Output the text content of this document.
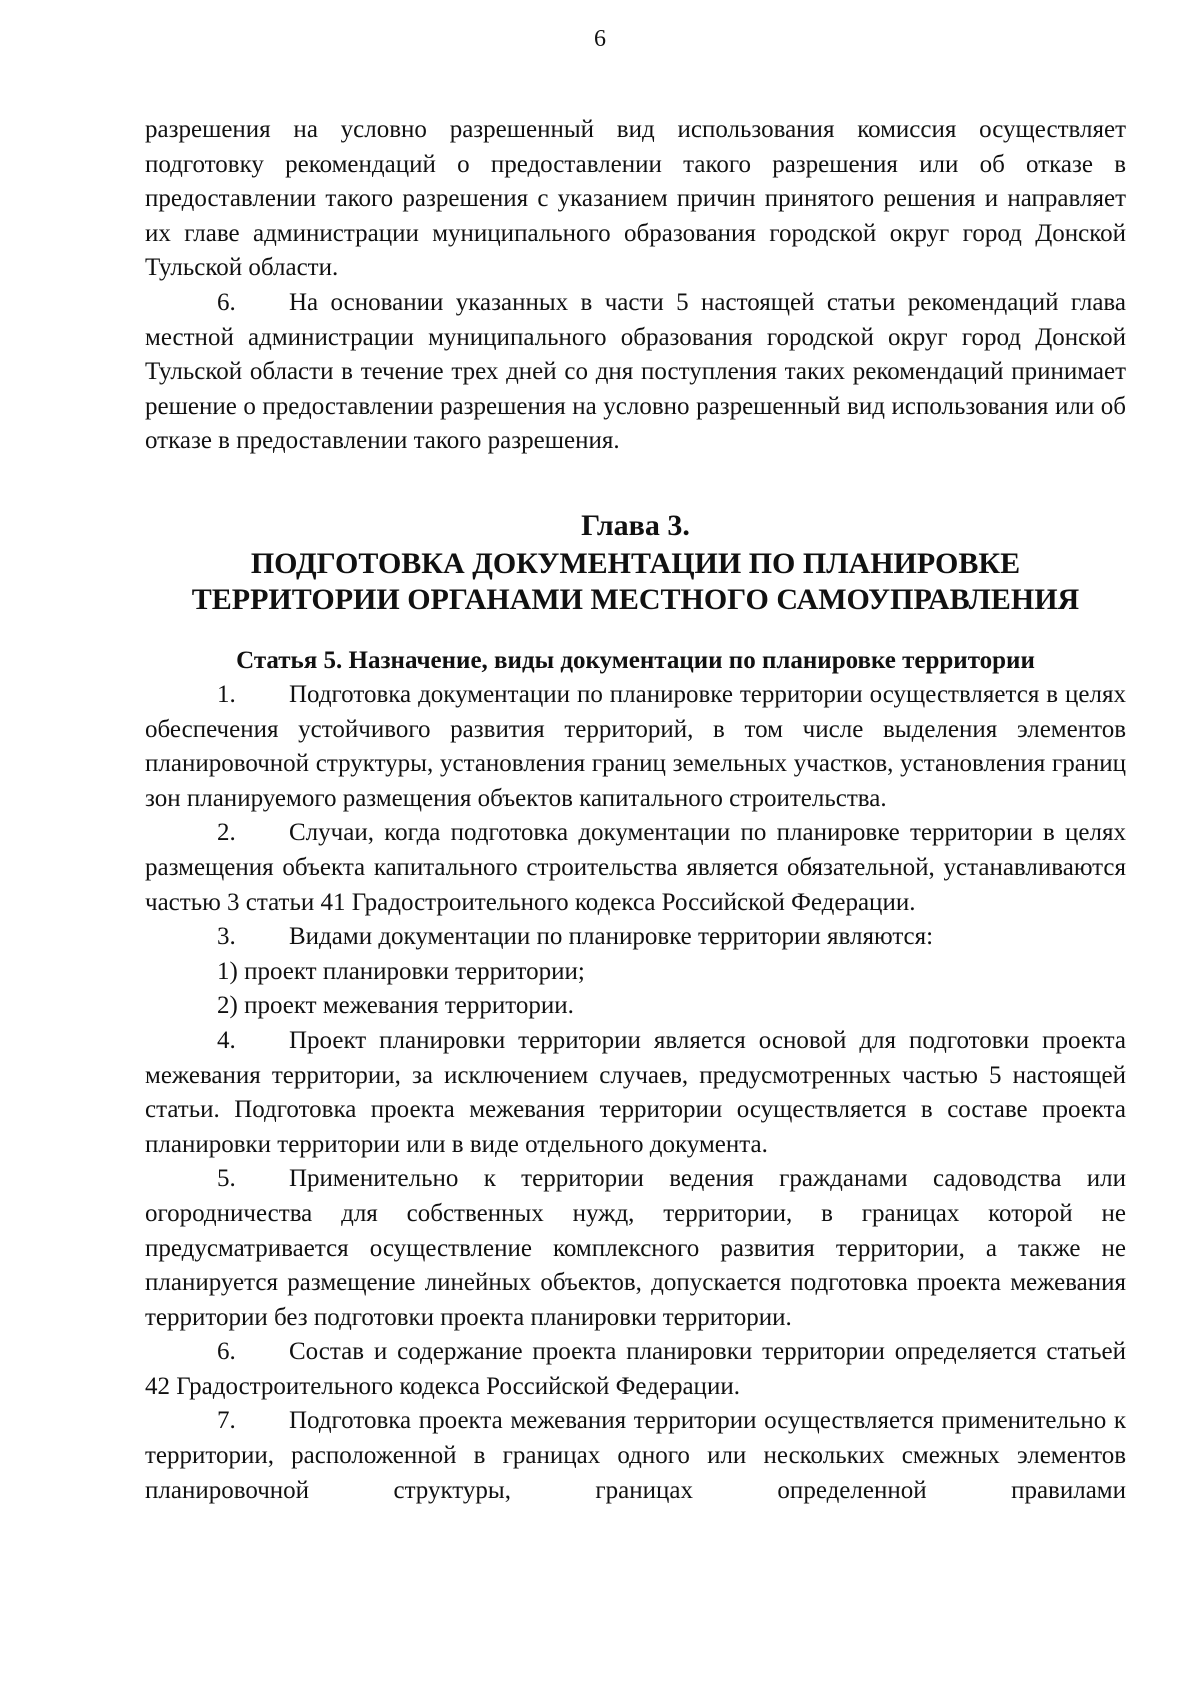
6

разрешения на условно разрешенный вид использования комиссия осуществляет подготовку рекомендаций о предоставлении такого разрешения или об отказе в предоставлении такого разрешения с указанием причин принятого решения и направляет их главе администрации муниципального образования городской округ город Донской Тульской области.

6. На основании указанных в части 5 настоящей статьи рекомендаций глава местной администрации муниципального образования городской округ город Донской Тульской области в течение трех дней со дня поступления таких рекомендаций принимает решение о предоставлении разрешения на условно разрешенный вид использования или об отказе в предоставлении такого разрешения.

Глава 3.
ПОДГОТОВКА ДОКУМЕНТАЦИИ ПО ПЛАНИРОВКЕ ТЕРРИТОРИИ ОРГАНАМИ МЕСТНОГО САМОУПРАВЛЕНИЯ
Статья 5. Назначение, виды документации по планировке территории

1. Подготовка документации по планировке территории осуществляется в целях обеспечения устойчивого развития территорий, в том числе выделения элементов планировочной структуры, установления границ земельных участков, установления границ зон планируемого размещения объектов капитального строительства.

2. Случаи, когда подготовка документации по планировке территории в целях размещения объекта капитального строительства является обязательной, устанавливаются частью 3 статьи 41 Градостроительного кодекса Российской Федерации.

3. Видами документации по планировке территории являются:

1) проект планировки территории;

2) проект межевания территории.

4. Проект планировки территории является основой для подготовки проекта межевания территории, за исключением случаев, предусмотренных частью 5 настоящей статьи. Подготовка проекта межевания территории осуществляется в составе проекта планировки территории или в виде отдельного документа.

5. Применительно к территории ведения гражданами садоводства или огородничества для собственных нужд, территории, в границах которой не предусматривается осуществление комплексного развития территории, а также не планируется размещение линейных объектов, допускается подготовка проекта межевания территории без подготовки проекта планировки территории.

6. Состав и содержание проекта планировки территории определяется статьей 42 Градостроительного кодекса Российской Федерации.

7. Подготовка проекта межевания территории осуществляется применительно к территории, расположенной в границах одного или нескольких смежных элементов планировочной структуры, границах определенной правилами
